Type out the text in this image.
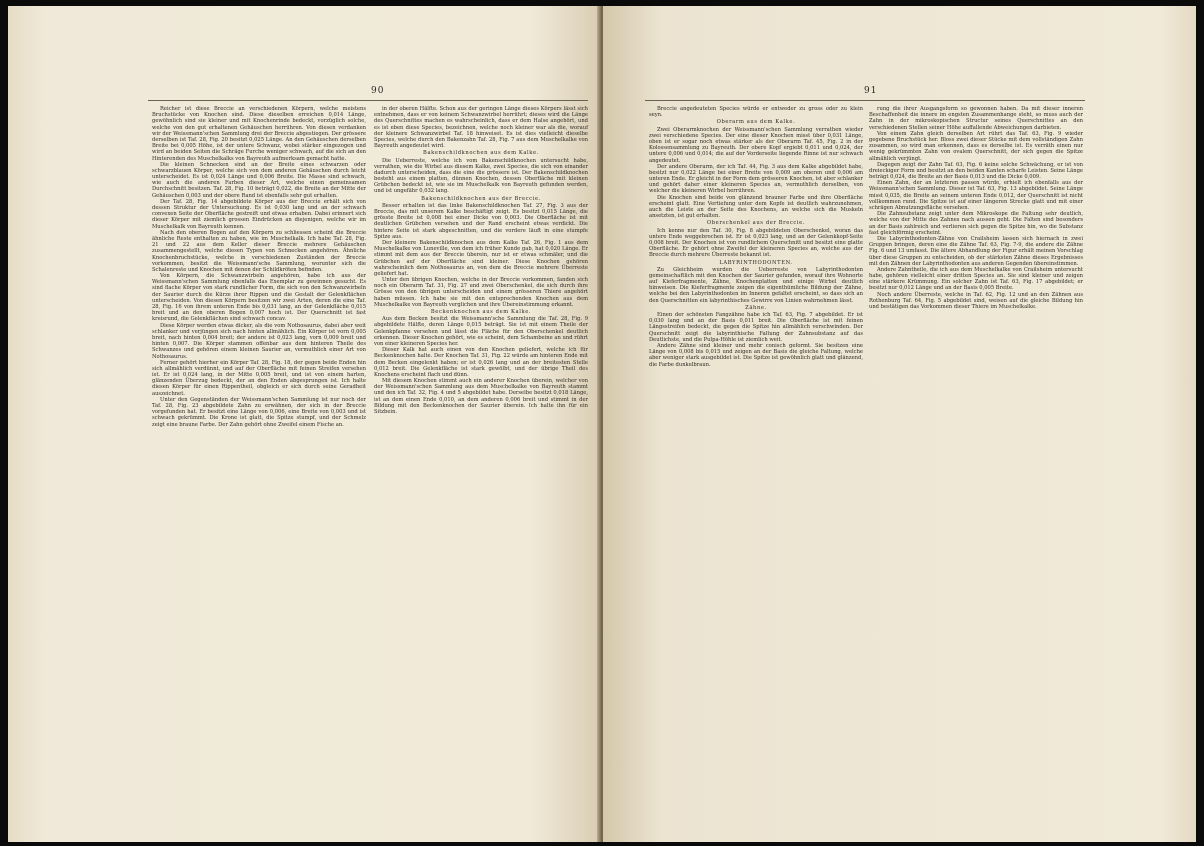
90

Reicher ist diese Breccie an verschiedenen Körpern, welche meistens Bruchstücke von Knochen sind. Diese dieselben erreichen 0,014 Länge, gewöhnlich sind sie kleiner und mit Knochenrinde bedeckt, vorzüglich solche, welche von den gut erhaltenen Gehäuschen herrühren. Von diesen verdanken wir der Weissmann'schen Sammlung drei der Breccie abgestiegen. Der grössere derselben ist Taf. 28, Fig. 20 besitzt 0,025 Länge. An den Gehäuschen derselben Breite bei 0,005 Höhe, ist der untere Schwanz, wobei stärker eingezogen und wird an beiden Seiten die Schräge Furche weniger schwach, auf die sich an den Hinterenden des Muschelkalks von Bayreuth aufmerksam gemacht hatte.

Die kleinen Schnecken sind an der Breite eines schwarzen oder schwarzblauen Körper, welche sich von dem anderen Gehäuschen durch leicht unterscheidet. Es ist 0,024 Länge und 0,006 Breite. Die Masse sind schwach, wie auch die anderen Farben dieser Art, welche einen gemeinsamen Durchschnitt besitzen. Taf. 28, Fig. 10 beträgt 0,022, die Breite an der Mitte der Gehäuschen 0,003 und der obere Rand ist ebenfalls sehr gut erhalten.

Der Taf. 28, Fig. 14 abgebildete Körper aus der Breccie erhält sich von dessen Struktur der Untersuchung. Es ist 0,030 lang und an der schwach convexen Seite der Oberfläche gestreift und etwas erhaben. Dabei erinnert sich dieser Körper mit ziemlich grossen Eindrücken an diejenigen, welche wir im Muschelkalk von Bayreuth kennen.

Nach den oberen Bogen auf den Körpern zu schliessen scheint die Breccie ähnliche Reste enthalten zu haben, wie im Muschelkalk. Ich habe Taf. 28, Fig. 21 und 22 aus dem Keller dieser Breccie mehrere Gehäuschen zusammengestellt, welche diesen Typen von Schnecken angehören. Ähnliche Knochenbruchstücke, welche in verschiedenen Zuständen der Breccie vorkommen, besitzt die Weissmann'sche Sammlung, worunter sich die Schalenreste und Knochen mit denen der Schildkröten befinden.

Von Körpern, die Schwanzwirbeln angehören, habe ich aus der Weissmann'schen Sammlung ebenfalls das Exemplar zu gewinnen gesucht. Es sind flache Körper von stark rundlicher Form, die sich von den Schwanzwirbeln der Saurier durch die Kürze ihrer Rippen und die Gestalt der Gelenkflächen unterscheiden. Von diesen Körpern besitzen wir zwei Arten, deren die eine Taf. 28, Fig. 16 von ihrem unteren Ende bis 0,031 lang, an der Gelenkfläche 0,015 breit und an den oberen Bogen 0,007 hoch ist. Der Querschnitt ist fast kreisrund, die Gelenkflächen sind schwach concav.

Diese Körper werden etwas dicker, als die vom Nothosaurus, dabei aber weit schlanker und verjüngen sich nach hinten allmählich. Ein Körper ist vorn 0,005 breit, nach hinten 0,004 breit; der andere ist 0,023 lang, vorn 0,009 breit und hinten 0,007. Die Körper stammen offenbar aus dem hinteren Theile des Schwanzes und gehören einem kleinen Saurier an, vermuthlich einer Art von Nothosaurus.

Ferner gehört hierher ein Körper Taf. 28, Fig. 18, der gegen beide Enden hin sich allmählich verdünnt, und auf der Oberfläche mit feinen Streifen versehen ist. Er ist 0,024 lang, in der Mitte 0,005 breit, und ist von einem harten, glänzenden Überzug bedeckt, der an den Enden abgesprungen ist. Ich halte diesen Körper für einen Rippentheil, obgleich er sich durch seine Geradheit auszeichnet.

Unter den Gegenständen der Weissmann'schen Sammlung ist nur noch der Taf. 28, Fig. 23 abgebildete Zahn zu erwähnen, der sich in der Breccie vorgefunden hat. Er besitzt eine Länge von 0,006, eine Breite von 0,003 und ist schwach gekrümmt. Die Krone ist glatt, die Spitze stumpf, und der Schmelz zeigt eine braune Farbe. Der Zahn gehört ohne Zweifel einem Fische an.

in der oberen Hälfte. Schon aus der geringen Länge dieses Körpers lässt sich entnehmen, dass er von keinem Schwanzwirbel herrührt; dieses wird die Länge des Querschnittes machen es wahrscheinlich, dass er dem Halse angehört, und es ist eben diese Species, bezeichnen, welche noch kleiner war als die, worauf der kleinere Schwanzwirbel Taf. 18 hinweiset. Es ist dies vielleicht dieselbe Species, welche durch den Bakenzahn Taf. 28, Fig. 7 aus dem Muschelkalke von Bayreuth angedeutet wird.

Bakenschildknochen aus dem Kalke.

Die Ueberreste, welche ich vom Bakenschildknochen untersucht habe, verrathen, wie die Wirbel aus diesem Kalke, zwei Species, die sich von einander dadurch unterscheiden, dass die eine die grössere ist. Der Bakenschildknochen besteht aus einem platten, dünnen Knochen, dessen Oberfläche mit kleinen Grübchen bedeckt ist, wie sie im Muschelkalk von Bayreuth gefunden werden, und ist ungefähr 0,032 lang.

Bakenschildknochen aus der Breccie.

Besser erhalten ist das linke Bakenschildknochen Taf. 27, Fig. 3 aus der Breccie, das mit unserem Kalke beschäftigt zeigt. Es besitzt 0,015 Länge, die grösste Breite ist 0,008 bei einer Dicke von 0,003. Die Oberfläche ist mit deutlichen Grübchen versehen und der Rand erscheint etwas verdickt. Die hintere Seite ist stark abgeschnitten, und die vordere läuft in eine stumpfe Spitze aus.

Der kleinere Bakenschildknochen aus dem Kalke Taf. 26, Fig. 1 aus dem Muschelkalke von Luneville, von dem ich früher Kunde gab, hat 0,020 Länge. Er stimmt mit dem aus der Breccie überein, nur ist er etwas schmäler, und die Grübchen auf der Oberfläche sind kleiner. Diese Knochen gehören wahrscheinlich dem Nothosaurus an, von dem die Breccie mehrere Überreste geliefert hat.

Unter den übrigen Knochen, welche in der Breccie vorkommen, fanden sich noch ein Oberarm Taf. 31, Fig. 27 und zwei Oberschenkel, die sich durch ihre Grösse von den übrigen unterscheiden und einem grösseren Thiere angehört haben müssen. Ich habe sie mit den entsprechenden Knochen aus dem Muschelkalke von Bayreuth verglichen und ihre Übereinstimmung erkannt.

Beckenknochen aus dem Kalke.

Aus dem Becken besitzt die Weissmann'sche Sammlung die Taf. 28, Fig. 9 abgebildete Hälfte, deren Länge 0,015 beträgt. Sie ist mit einem Theile der Gelenkpfanne versehen und lässt die Fläche für den Oberschenkel deutlich erkennen. Dieser Knochen gehört, wie es scheint, dem Schambeine an und rührt von einer kleineren Species her.

Dieser Kalk hat auch einen von den Knochen geliefert, welche ich für Beckenknochen halte. Der Knochen Taf. 31, Fig. 22 würde am hinteren Ende mit dem Becken eingelenkt haben; er ist 0,026 lang und an der breitesten Stelle 0,012 breit. Die Gelenkfläche ist stark gewölbt, und der übrige Theil des Knochens erscheint flach und dünn.

Mit diesem Knochen stimmt auch ein anderer Knochen überein, welcher von der Weissmann'schen Sammlung aus dem Muschelkalke von Bayreuth stammt und den ich Taf. 32, Fig. 4 und 5 abgebildet habe. Derselbe besitzt 0,018 Länge, ist an dem einen Ende 0,010, an dem anderen 0,006 breit und stimmt in der Bildung mit den Beckenknochen der Saurier überein. Ich halte ihn für ein Sitzbein.

91

Breccie angedeuteten Species würde er entweder zu gross oder zu klein seyn.

Oberarm aus dem Kalke.

Zwei Oberarmknochen der Weissmann'schen Sammlung verrathen wieder zwei verschiedene Species. Der eine dieser Knochen misst über 0,031 Länge, oben ist er sogar noch etwas stärker als der Oberarm Taf. 45, Fig. 2 in der Kolossensammlung zu Bayreuth. Der obere Kopf ergiebt 0,011 und 0,024, der untere 0,006 und 0,014; die auf der Vorderseite liegende Rinne ist nur schwach angedeutet.

Der andere Oberarm, der ich Taf. 44, Fig. 3 aus dem Kalke abgebildet habe, besitzt nur 0,022 Länge bei einer Breite von 0,009 am oberen und 0,006 am unteren Ende. Er gleicht in der Form dem grösseren Knochen, ist aber schlanker und gehört daher einer kleineren Species an, vermuthlich derselben, von welcher die kleineren Wirbel herrühren.

Die Knochen sind beide von glänzend brauner Farbe und ihre Oberfläche erscheint glatt. Eine Vertiefung unter dem Kopfe ist deutlich wahrzunehmen, auch die Leiste an der Seite des Knochens, an welche sich die Muskeln ansetzten, ist gut erhalten.

Oberschenkel aus der Breccie.

Ich kenne nur den Taf. 30, Fig. 8 abgebildeten Oberschenkel, woran das untere Ende weggebrochen ist. Er ist 0,023 lang, und an der Gelenkkopf-Seite 0,008 breit. Der Knochen ist von rundlichem Querschnitt und besitzt eine glatte Oberfläche. Er gehört ohne Zweifel der kleineren Species an, welche aus der Breccie durch mehrere Überreste bekannt ist.

LABYRINTHODONTEN.

Zu Gleichheim wurden die Ueberreste von Labyrinthodonten gemeinschaftlich mit den Knochen der Saurier gefunden, worauf ihre Wohnorte auf Kieferfragmente, Zähne, Knochenplatten und einige Wirbel deutlich hinweisen. Die Kieferfragmente zeigen die eigenthümliche Bildung der Zähne, welche bei den Labyrinthodonten im Inneren gefaltet erscheint, so dass sich an den Querschnitten ein labyrinthisches Gewirre von Linien wahrnehmen lässt.

Zähne.

Einen der schönsten Fangzähne habe ich Taf. 63, Fig. 7 abgebildet. Er ist 0,030 lang und an der Basis 0,011 breit. Die Oberfläche ist mit feinen Längsstreifen bedeckt, die gegen die Spitze hin allmählich verschwinden. Der Querschnitt zeigt die labyrinthische Faltung der Zahnsubstanz auf das Deutlichste, und die Pulpa-Höhle ist ziemlich weit.

Andere Zähne sind kleiner und mehr conisch geformt. Sie besitzen eine Länge von 0,008 bis 0,015 und zeigen an der Basis die gleiche Faltung, welche aber weniger stark ausgebildet ist. Die Spitze ist gewöhnlich glatt und glänzend, die Farbe dunkelbraun.

rung die ihrer Ausgangsform so gewonnen haben. Da mit dieser inneren Beschaffenheit die innere im engsten Zusammenhange steht, so muss auch der Zahn in der mikroskopischen Structur seines Querschnittes an den verschiedenen Stellen seiner Höhe auffallende Abweichungen darbieten.

Von einem Zahn gleich derselben Art rührt das Taf. 63, Fig. 9 wieder gegebene Bruchstück her. Bloss zwei dieser Stücke mit dem vollständigen Zahn zusammen, so wird man erkennen, dass es derselbe ist. Es verräth einen nur wenig gekrümmten Zahn von ovalem Querschnitt, der sich gegen die Spitze allmählich verjüngt.

Dagegen zeigt der Zahn Taf. 63, Fig. 6 keine solche Schwächung, er ist von dreieckiger Form und besitzt an den beiden Kanten scharfe Leisten. Seine Länge beträgt 0,024, die Breite an der Basis 0,013 und die Dicke 0,009.

Einen Zahn, der an letzteren passen würde, erhielt ich ebenfalls aus der Weissmann'schen Sammlung. Dieser ist Taf. 63, Fig. 13 abgebildet. Seine Länge misst 0,035, die Breite an seinem unteren Ende 0,012, der Querschnitt ist nicht vollkommen rund. Die Spitze ist auf einer längeren Strecke glatt und mit einer schrägen Abnutzungsfläche versehen.

Die Zahnsubstanz zeigt unter dem Mikroskope die Faltung sehr deutlich, welche von der Mitte des Zahnes nach aussen geht. Die Falten sind besonders an der Basis zahlreich und verlieren sich gegen die Spitze hin, wo die Substanz fast gleichförmig erscheint.

Die Labyrinthodonten-Zähne von Crailsheim lassen sich hiernach in zwei Gruppen bringen, deren eine die Zähne Taf. 63, Fig. 7-9, die andere die Zähne Fig. 6 und 13 umfasst. Die ältere Abhandlung der Figur erhält meinen Vorschlag über diese Gruppen zu entscheiden, ob der stärksten Zähne dieses Ergebnisses mit den Zähnen der Labyrinthodonten aus anderen Gegenden übereinstimmen.

Andere Zahntheile, die ich aus dem Muschelkalke von Crailsheim untersucht habe, gehören vielleicht einer dritten Species an. Sie sind kleiner und zeigen eine stärkere Krümmung. Ein solcher Zahn ist Taf. 63, Fig. 17 abgebildet; er besitzt nur 0,012 Länge und an der Basis 0,005 Breite.

Noch andere Überreste, welche in Taf. 62, Fig. 12 und an den Zähnen aus Rothenburg Taf. 64, Fig. 5 abgebildet sind, weisen auf die gleiche Bildung hin und bestätigen das Vorkommen dieser Thiere im Muschelkalke.
